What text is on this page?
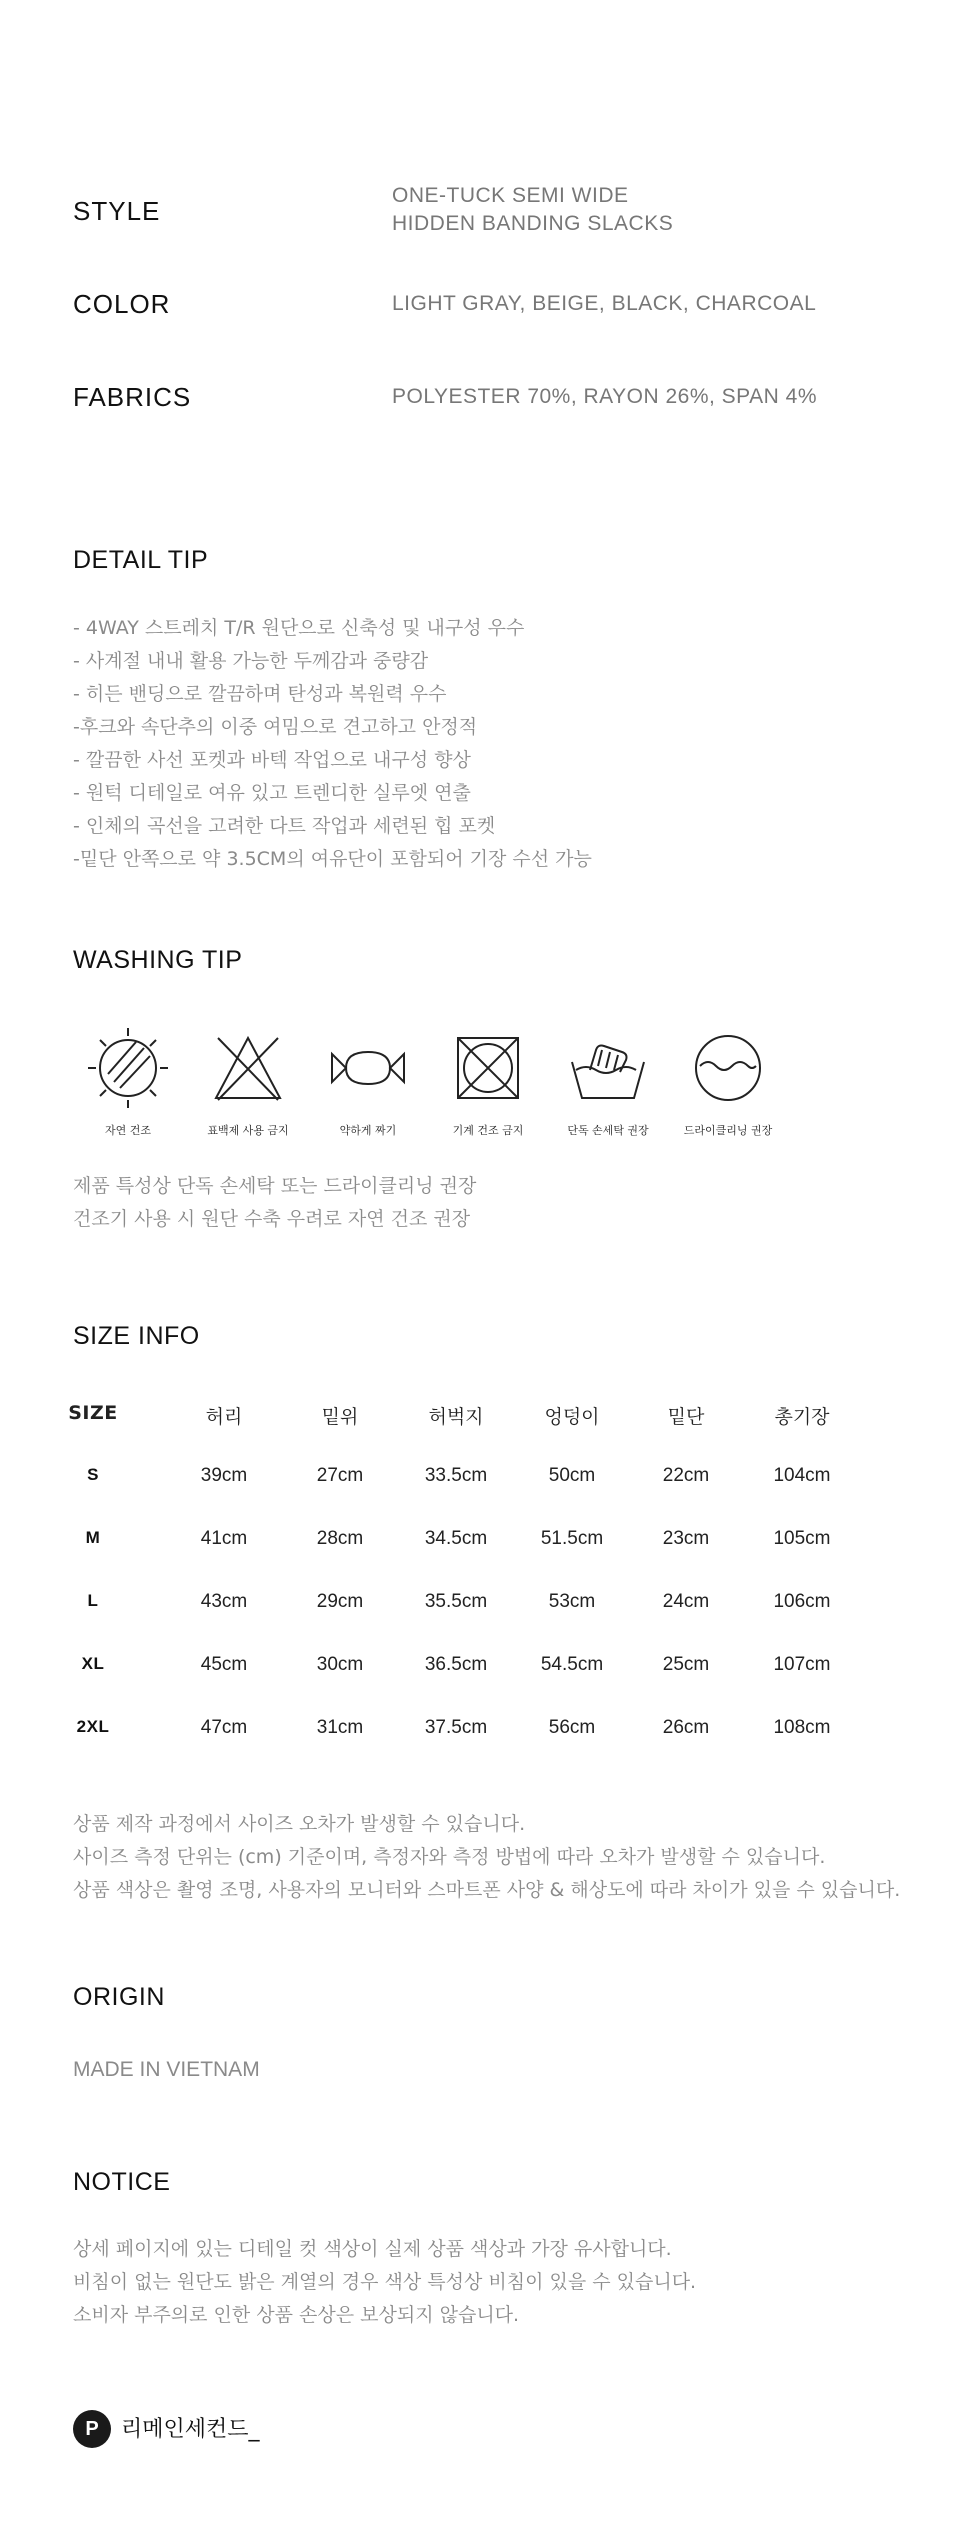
STYLE
ONE-TUCK SEMI WIDE
HIDDEN BANDING SLACKS
COLOR	LIGHT GRAY, BEIGE, BLACK, CHARCOAL
FABRICS	POLYESTER 70%, RAYON 26%, SPAN 4%
DETAIL TIP
- 4WAY 스트레치 T/R 원단으로 신축성 및 내구성 우수
- 사계절 내내 활용 가능한 두께감과 중량감
- 히든 밴딩으로 깔끔하며 탄성과 복원력 우수
-후크와 속단추의 이중 여밈으로 견고하고 안정적
- 깔끔한 사선 포켓과 바텍 작업으로 내구성 향상
- 원턱 디테일로 여유 있고 트렌디한 실루엣 연출
- 인체의 곡선을 고려한 다트 작업과 세련된 힙 포켓
-밑단 안쪽으로 약 3.5CM의 여유단이 포함되어 기장 수선 가능
WASHING TIP
자연 건조	표백제 사용 금지	약하게 짜기	기계 건조 금지	단독 손세탁 권장	드라이클리닝 권장
제품 특성상 단독 손세탁 또는 드라이클리닝 권장
건조기 사용 시 원단 수축 우려로 자연 건조 권장
SIZE INFO
SIZE	허리	밑위	허벅지	엉덩이	밑단	총기장
S	39cm	27cm	33.5cm	50cm	22cm	104cm
M	41cm	28cm	34.5cm	51.5cm	23cm	105cm
L	43cm	29cm	35.5cm	53cm	24cm	106cm
XL	45cm	30cm	36.5cm	54.5cm	25cm	107cm
2XL	47cm	31cm	37.5cm	56cm	26cm	108cm
상품 제작 과정에서 사이즈 오차가 발생할 수 있습니다.
사이즈 측정 단위는 (cm) 기준이며, 측정자와 측정 방법에 따라 오차가 발생할 수 있습니다.
상품 색상은 촬영 조명, 사용자의 모니터와 스마트폰 사양 & 해상도에 따라 차이가 있을 수 있습니다.
ORIGIN
MADE IN VIETNAM
NOTICE
상세 페이지에 있는 디테일 컷 색상이 실제 상품 색상과 가장 유사합니다.
비침이 없는 원단도 밝은 계열의 경우 색상 특성상 비침이 있을 수 있습니다.
소비자 부주의로 인한 상품 손상은 보상되지 않습니다.
P	리메인세컨드_
